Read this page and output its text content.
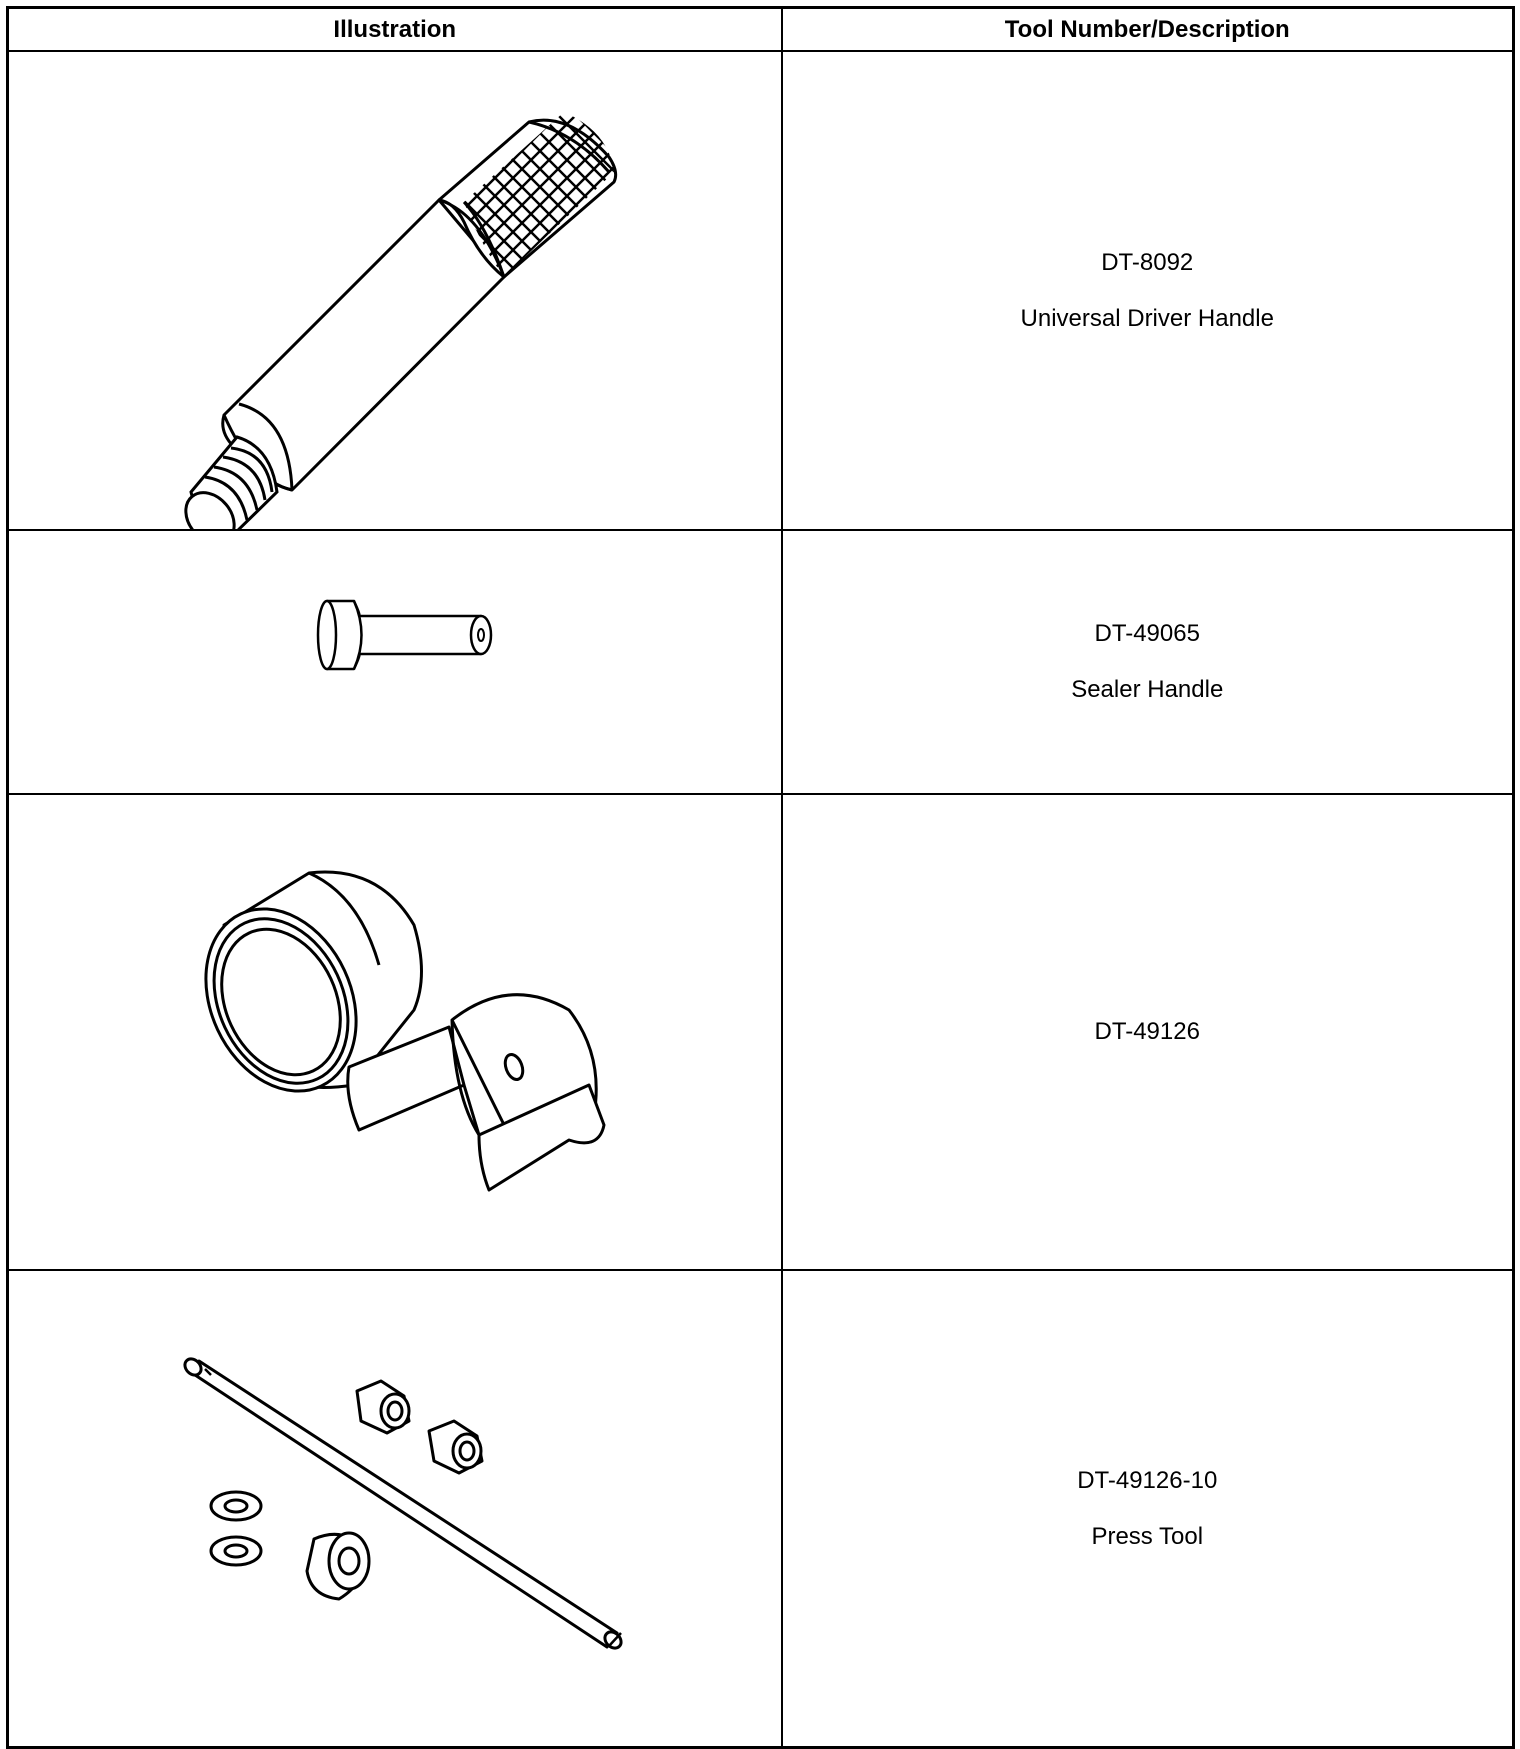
Illustration	Tool Number/Description

DT-8092
Universal Driver Handle

DT-49065
Sealer Handle

DT-49126

DT-49126-10
Press Tool
